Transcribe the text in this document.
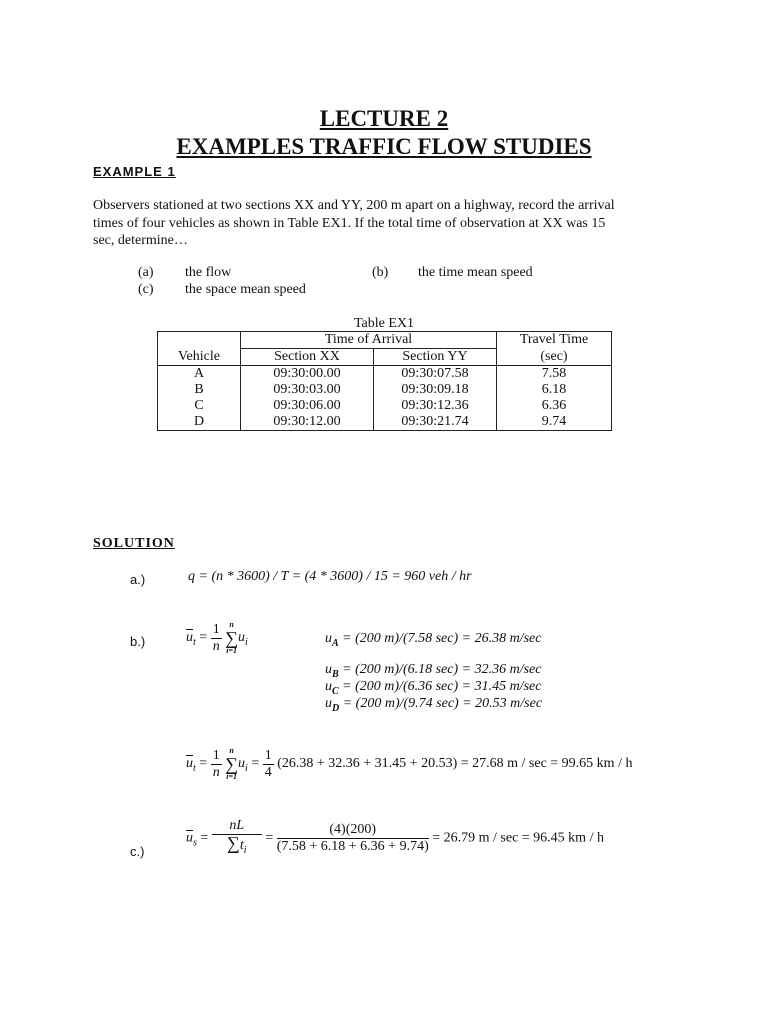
LECTURE 2
EXAMPLES TRAFFIC FLOW STUDIES
EXAMPLE 1
Observers stationed at two sections XX and YY, 200 m apart on a highway, record the arrival
times of four vehicles as shown in Table EX1. If the total time of observation at XX was 15
sec, determine…
(a) the flow	(b) the time mean speed
(c) the space mean speed
Table EX1
	Time of Arrival		Travel Time
Vehicle	Section XX	Section YY	(sec)
A	09:30:00.00	09:30:07.58	7.58
B	09:30:03.00	09:30:09.18	6.18
C	09:30:06.00	09:30:12.36	6.36
D	09:30:12.00	09:30:21.74	9.74
SOLUTION
a.)	q = (n * 3600) / T = (4 * 3600) / 15 = 960 veh / hr
b.)	$\overline{u}_t = \frac{1}{n}$
n
∑
i=1
$u_i$	$u_A = (200$ m)/(7.58 sec) = 26.38 m/sec
$u_B = (200$ m)/(6.18 sec) = 32.36 m/sec
$u_C = (200$ m)/(6.36 sec) = 31.45 m/sec
$u_D = (200$ m)/(9.74 sec) = 20.53 m/sec
$\overline{u}_t = \frac{1}{n}$
n
∑
i=1
$u_i = \frac{1}{4} (26.38 + 32.36 + 31.45 + 20.53) = 27.68$ m / sec = 99.65 km / h
c.)
$\overline{u}_s = \frac{nL}{\sum t_i} = \frac{(4)(200)}{(7.58 + 6.18 + 6.36 + 9.74)} = 26.79$ m / sec = 96.45 km / h
